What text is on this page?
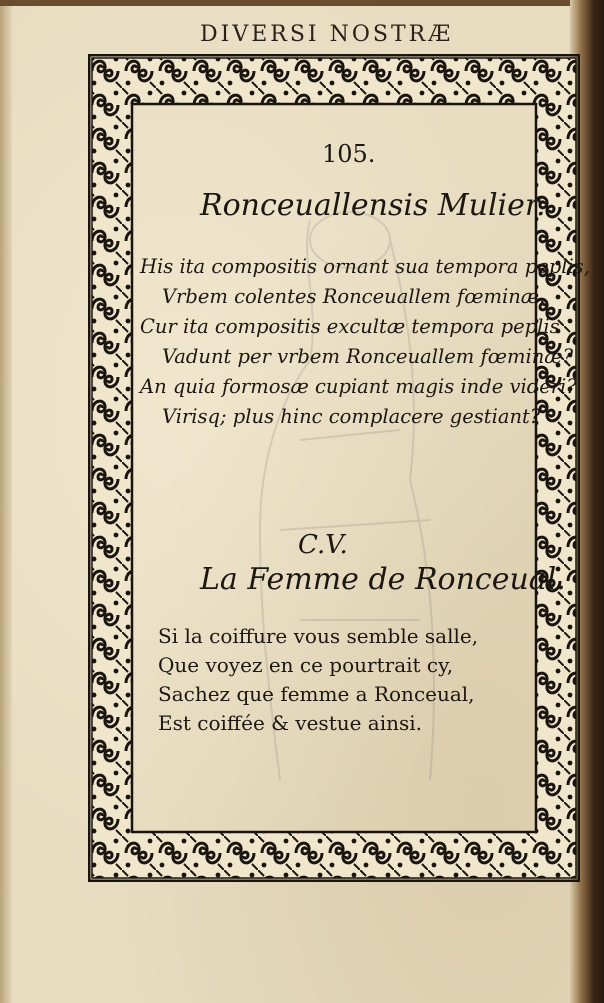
DIVERSI NOSTRÆ
105.
Ronceuallensis Mulier.
His ita compositis ornant sua tempora peplis,
Vrbem colentes Ronceuallem fœminæ.
Cur ita compositis excultæ tempora peplis
Vadunt per vrbem Ronceuallem fœminæ?
An quia formosæ cupiant magis inde videri?
Virisq; plus hinc complacere gestiant?
C.V.
La Femme de Ronceual.
Si la coiffure vous semble salle,
Que voyez en ce pourtrait cy,
Sachez que femme a Ronceual,
Est coiffée & vestue ainsi.
